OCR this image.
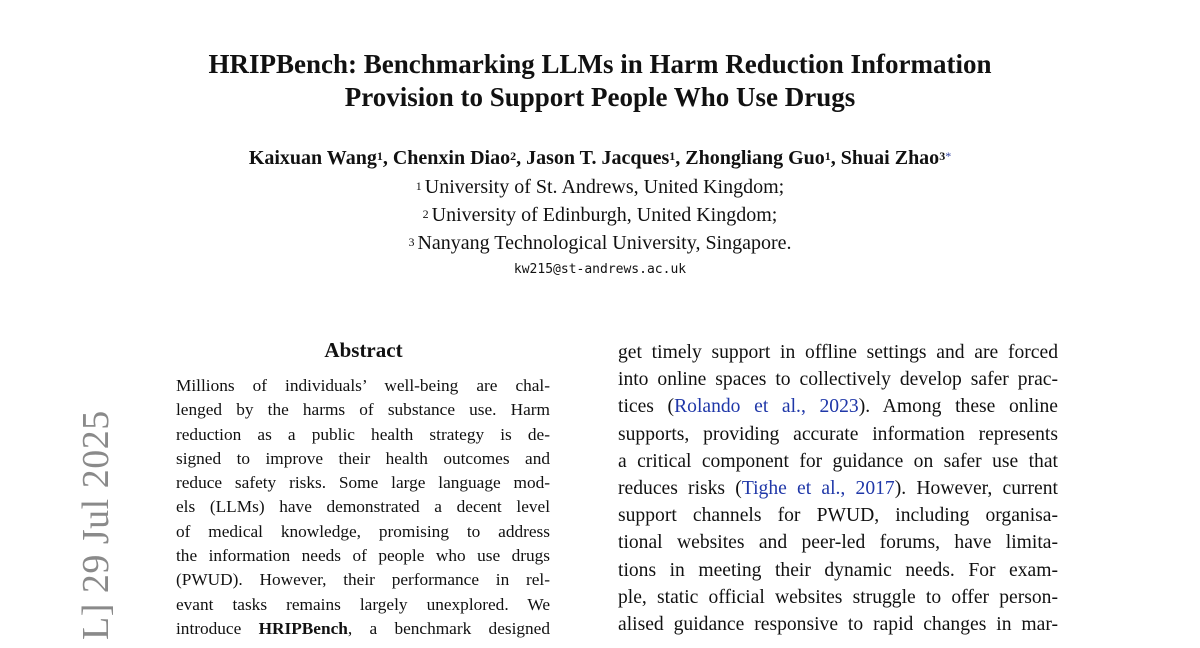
L] 29 Jul 2025
HRIPBench: Benchmarking LLMs in Harm Reduction Information
Provision to Support People Who Use Drugs
Kaixuan Wang$^1$, Chenxin Diao$^2$, Jason T. Jacques$^1$, Zhongliang Guo$^1$, Shuai Zhao$^{3*}$
$^1$ University of St. Andrews, United Kingdom;
$^2$ University of Edinburgh, United Kingdom;
$^3$ Nanyang Technological University, Singapore.
kw215@st-andrews.ac.uk
Abstract
Millions of individuals’ well-being are chal-
lenged by the harms of substance use. Harm
reduction as a public health strategy is de-
signed to improve their health outcomes and
reduce safety risks. Some large language mod-
els (LLMs) have demonstrated a decent level
of medical knowledge, promising to address
the information needs of people who use drugs
(PWUD). However, their performance in rel-
evant tasks remains largely unexplored. We
introduce HRIPBench, a benchmark designed
get timely support in offline settings and are forced
into online spaces to collectively develop safer prac-
tices (Rolando et al., 2023). Among these online
supports, providing accurate information represents
a critical component for guidance on safer use that
reduces risks (Tighe et al., 2017). However, current
support channels for PWUD, including organisa-
tional websites and peer-led forums, have limita-
tions in meeting their dynamic needs. For exam-
ple, static official websites struggle to offer person-
alised guidance responsive to rapid changes in mar-
